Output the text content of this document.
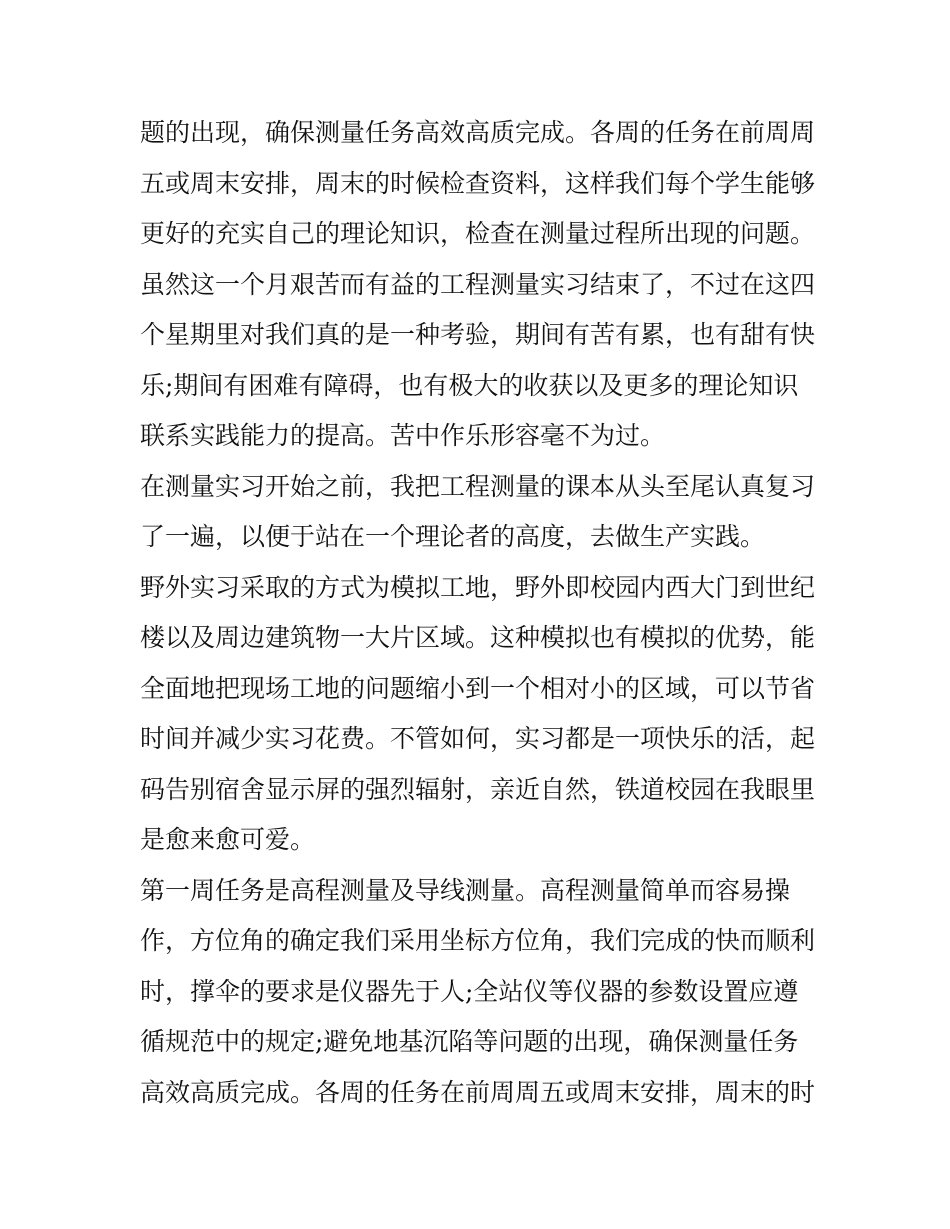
题的出现，确保测量任务高效高质完成。各周的任务在前周周
五或周末安排，周末的时候检查资料，这样我们每个学生能够
更好的充实自己的理论知识，检查在测量过程所出现的问题。
虽然这一个月艰苦而有益的工程测量实习结束了，不过在这四
个星期里对我们真的是一种考验，期间有苦有累，也有甜有快
乐;期间有困难有障碍，也有极大的收获以及更多的理论知识
联系实践能力的提高。苦中作乐形容毫不为过。
在测量实习开始之前，我把工程测量的课本从头至尾认真复习
了一遍，以便于站在一个理论者的高度，去做生产实践。
野外实习采取的方式为模拟工地，野外即校园内西大门到世纪
楼以及周边建筑物一大片区域。这种模拟也有模拟的优势，能
全面地把现场工地的问题缩小到一个相对小的区域，可以节省
时间并减少实习花费。不管如何，实习都是一项快乐的活，起
码告别宿舍显示屏的强烈辐射，亲近自然，铁道校园在我眼里
是愈来愈可爱。
第一周任务是高程测量及导线测量。高程测量简单而容易操
作，方位角的确定我们采用坐标方位角，我们完成的快而顺利
时，撑伞的要求是仪器先于人;全站仪等仪器的参数设置应遵
循规范中的规定;避免地基沉陷等问题的出现，确保测量任务
高效高质完成。各周的任务在前周周五或周末安排，周末的时
